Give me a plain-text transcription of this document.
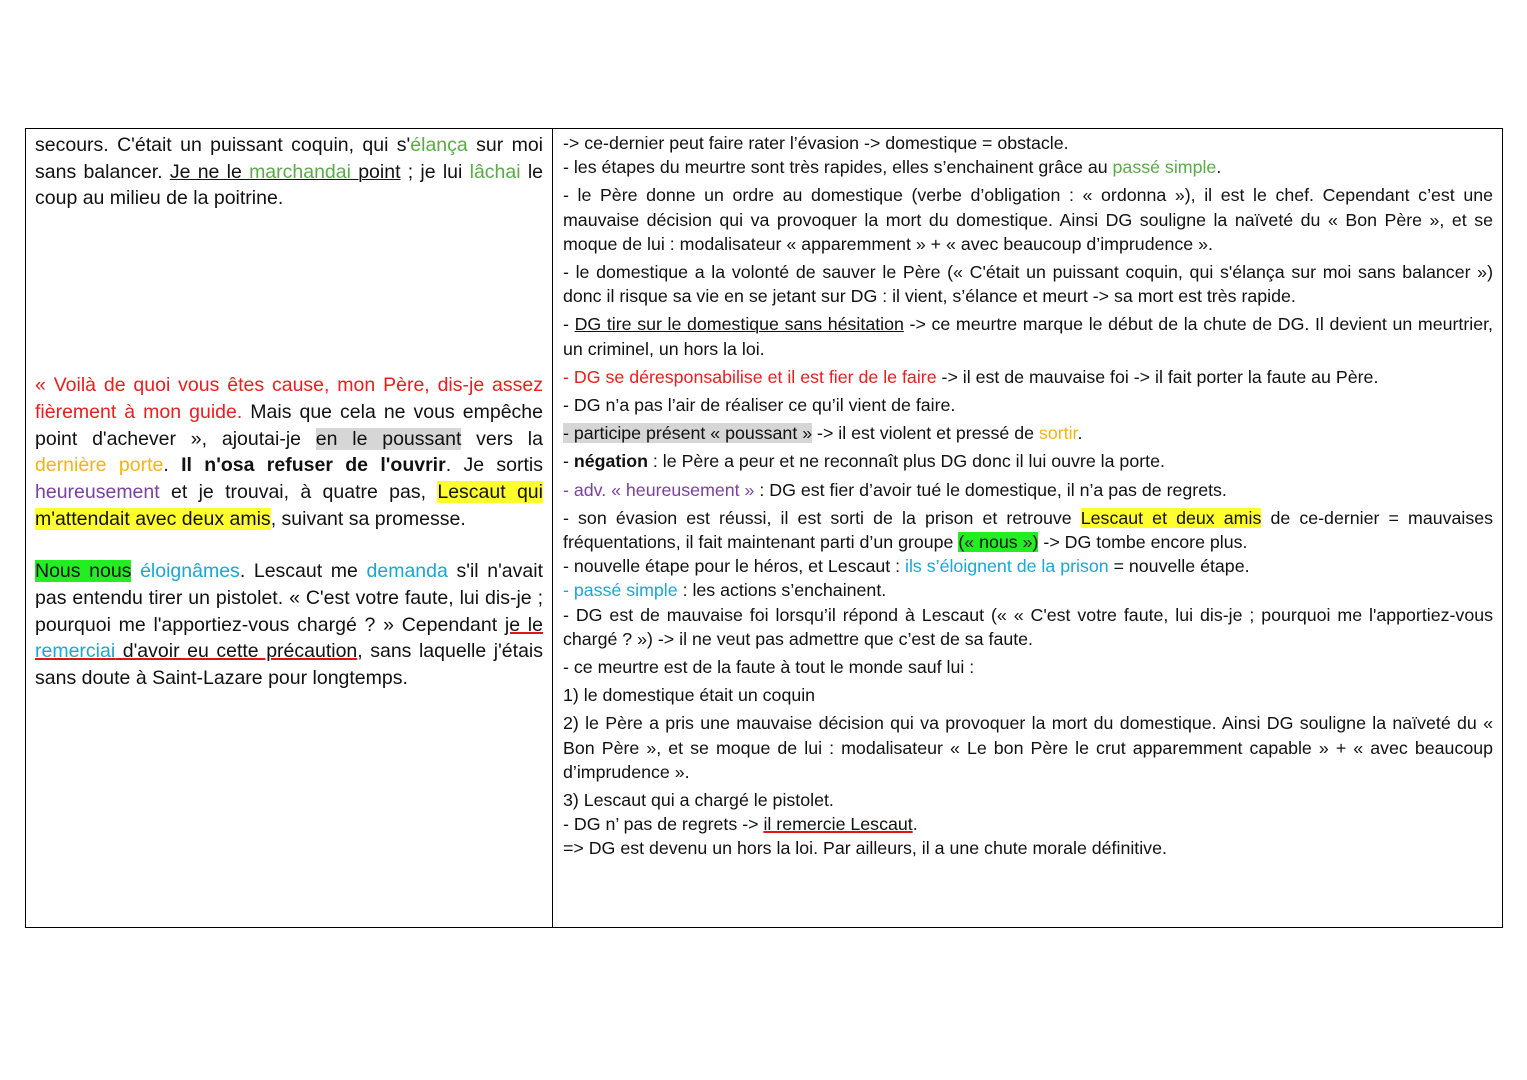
secours. C'était un puissant coquin, qui s'élança sur moi sans balancer. Je ne le marchandai point ; je lui lâchai le coup au milieu de la poitrine.

« Voilà de quoi vous êtes cause, mon Père, dis-je assez fièrement à mon guide. Mais que cela ne vous empêche point d'achever », ajoutai-je en le poussant vers la dernière porte. Il n'osa refuser de l'ouvrir. Je sortis heureusement et je trouvai, à quatre pas, Lescaut qui m'attendait avec deux amis, suivant sa promesse.

Nous nous éloignâmes. Lescaut me demanda s'il n'avait pas entendu tirer un pistolet. « C'est votre faute, lui dis-je ; pourquoi me l'apportiez-vous chargé ? » Cependant je le remerciai d'avoir eu cette précaution, sans laquelle j'étais sans doute à Saint-Lazare pour longtemps.

-> ce-dernier peut faire rater l’évasion -> domestique = obstacle.

- les étapes du meurtre sont très rapides, elles s’enchainent grâce au passé simple.

- le Père donne un ordre au domestique (verbe d’obligation : « ordonna »), il est le chef. Cependant c’est une mauvaise décision qui va provoquer la mort du domestique. Ainsi DG souligne la naïveté du « Bon Père », et se moque de lui : modalisateur « apparemment » + « avec beaucoup d’imprudence ».

- le domestique a la volonté de sauver le Père (« C'était un puissant coquin, qui s'élança sur moi sans balancer ») donc il risque sa vie en se jetant sur DG : il vient, s’élance et meurt -> sa mort est très rapide.

- DG tire sur le domestique sans hésitation -> ce meurtre marque le début de la chute de DG. Il devient un meurtrier, un criminel, un hors la loi.

- DG se déresponsabilise et il est fier de le faire -> il est de mauvaise foi -> il fait porter la faute au Père.

- DG n’a pas l’air de réaliser ce qu’il vient de faire.

- participe présent « poussant » -> il est violent et pressé de sortir.

- négation : le Père a peur et ne reconnaît plus DG donc il lui ouvre la porte.

- adv. « heureusement » : DG est fier d’avoir tué le domestique, il n’a pas de regrets.

- son évasion est réussi, il est sorti de la prison et retrouve Lescaut et deux amis de ce-dernier = mauvaises fréquentations, il fait maintenant parti d’un groupe (« nous ») -> DG tombe encore plus.

- nouvelle étape pour le héros, et Lescaut : ils s’éloignent de la prison = nouvelle étape.

- passé simple : les actions s’enchainent.

- DG est de mauvaise foi lorsqu’il répond à Lescaut (« « C'est votre faute, lui dis-je ; pourquoi me l'apportiez-vous chargé ? ») -> il ne veut pas admettre que c’est de sa faute.

- ce meurtre est de la faute à tout le monde sauf lui :

1) le domestique était un coquin

2) le Père a pris une mauvaise décision qui va provoquer la mort du domestique. Ainsi DG souligne la naïveté du « Bon Père », et se moque de lui : modalisateur « Le bon Père le crut apparemment capable » + « avec beaucoup d’imprudence ».

3) Lescaut qui a chargé le pistolet.

- DG n’ pas de regrets -> il remercie Lescaut.

=> DG est devenu un hors la loi. Par ailleurs, il a une chute morale définitive.
